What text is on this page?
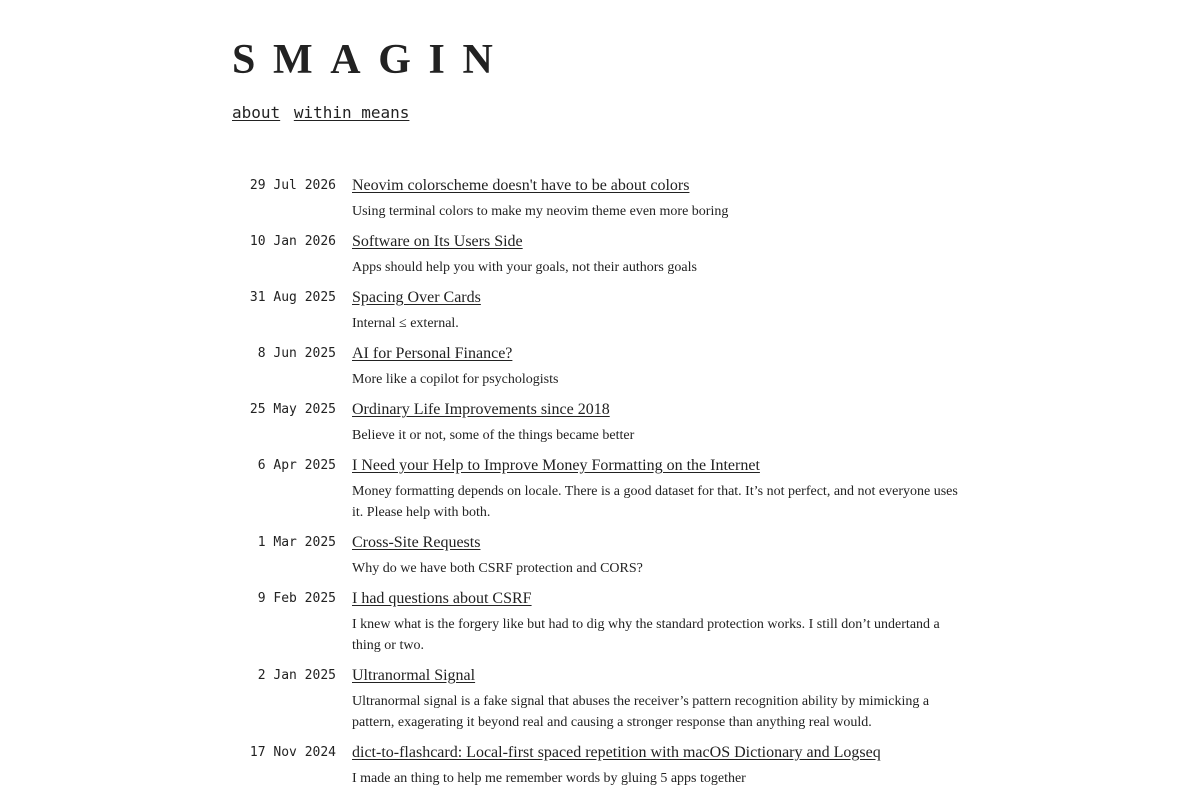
SMAGIN
about within means
29 Jul 2026 Neovim colorscheme doesn't have to be about colors

Using terminal colors to make my neovim theme even more boring

10 Jan 2026 Software on Its Users Side

Apps should help you with your goals, not their authors goals

31 Aug 2025 Spacing Over Cards

Internal ≤ external.

8 Jun 2025 AI for Personal Finance?

More like a copilot for psychologists

25 May 2025 Ordinary Life Improvements since 2018

Believe it or not, some of the things became better

6 Apr 2025 I Need your Help to Improve Money Formatting on the Internet

Money formatting depends on locale. There is a good dataset for that. It’s not perfect, and not everyone uses it. Please help with both.

1 Mar 2025 Cross-Site Requests

Why do we have both CSRF protection and CORS?

9 Feb 2025 I had questions about CSRF

I knew what is the forgery like but had to dig why the standard protection works. I still don’t undertand a thing or two.

2 Jan 2025 Ultranormal Signal

Ultranormal signal is a fake signal that abuses the receiver’s pattern recognition ability by mimicking a pattern, exagerating it beyond real and causing a stronger response than anything real would.

17 Nov 2024 dict-to-flashcard: Local-first spaced repetition with macOS Dictionary and Logseq

I made an thing to help me remember words by gluing 5 apps together
